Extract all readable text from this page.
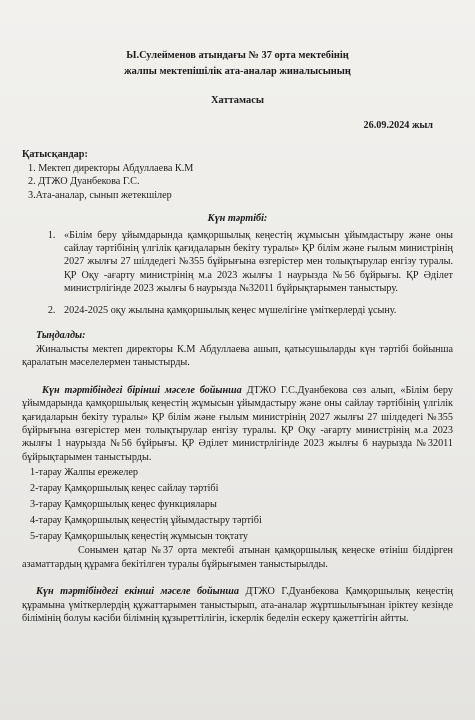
Ы.Сулейменов атындағы № 37 орта мектебінің
жалпы мектепішілік ата-аналар жиналысының
Хаттамасы
26.09.2024 жыл
Қатысқандар:
1. Мектеп директоры Абдуллаева К.М
2. ДТЖО Дуанбекова Г.С.
3.Ата-аналар, сынып жетекшілер
Күн тәртібі:
1. «Білім беру ұйымдарында қамқоршылық кеңестің жұмысын ұйымдастыру және оны сайлау тәртібінің үлгілік қағидаларын бекіту туралы» ҚР білім және ғылым министрінің 2027 жылғы 27 шілдедегі №355 бұйрығына өзгерістер мен толықтырулар енгізу туралы. ҚР Оқу -ағарту министрінің м.а 2023 жылғы 1 наурызда №56 бұйрығы. ҚР Әділет министрлігінде 2023 жылғы 6 наурызда №32011 бұйрықтарымен таныстыру.
2. 2024-2025 оқу жылына қамқоршылық кеңес мүшелігіне үміткерлерді ұсыну.
Тыңдалды:
Жиналысты мектеп директоры К.М Абдуллаева ашып, қатысушыларды күн тәртібі бойынша қаралатын мәселелермен таныстырды.
Күн тәртібіндегі бірінші мәселе бойынша ДТЖО Г.С.Дуанбекова сөз алып, «Білім беру ұйымдарында қамқоршылық кеңестің жұмысын ұйымдастыру және оны сайлау тәртібінің үлгілік қағидаларын бекіту туралы» ҚР білім және ғылым министрінің 2027 жылғы 27 шілдедегі №355 бұйрығына өзгерістер мен толықтырулар енгізу туралы. ҚР Оқу -ағарту министрінің м.а 2023 жылғы 1 наурызда №56 бұйрығы. ҚР Әділет министрлігінде 2023 жылғы 6 наурызда №32011 бұйрықтарымен таныстырды.
1-тарау Жалпы ережелер
2-тарау Қамқоршылық кеңес сайлау тәртібі
3-тарау Қамқоршылық кеңес функциялары
4-тарау Қамқоршылық кеңестің ұйымдастыру тәртібі
5-тарау Қамқоршылық кеңестің жұмысын тоқтату
Сонымен қатар №37 орта мектебі атынан қамқоршылық кеңеске өтініш білдірген азаматтардың құрамға бекітілген туралы бұйрығымен таныстырылды.
Күн тәртібіндегі екінші мәселе бойынша ДТЖО Г.Дуанбекова Қамқоршылық кеңестің құрамына үміткерлердің құжаттарымен таныстырып, ата-аналар жұртшылығынан іріктеу кезінде білімінің болуы кәсіби білімнің құзыреттілігін, іскерлік беделін ескеру қажеттігін айтты.
